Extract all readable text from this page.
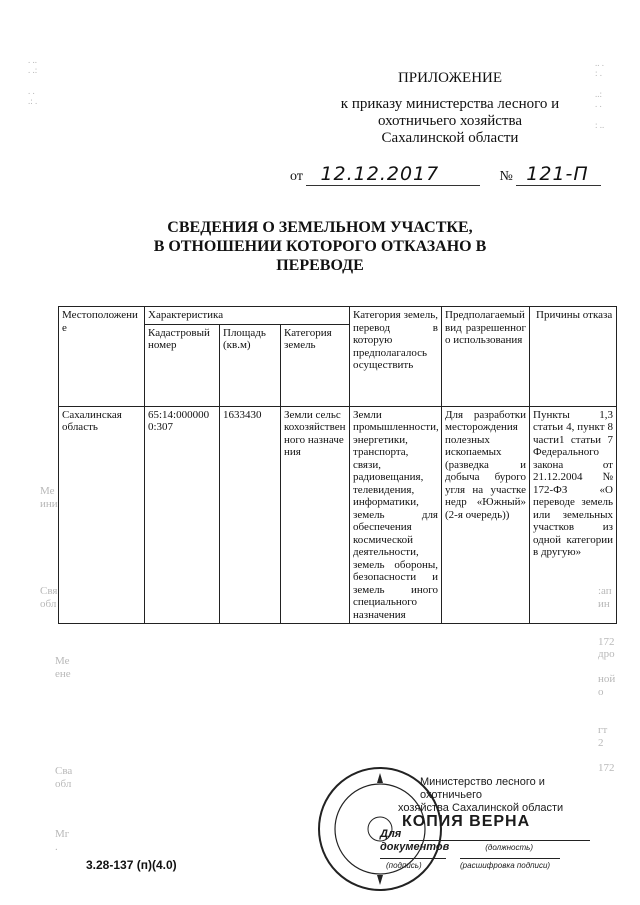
. ..
. .:

. .
.: .
.. .
: .

..:
. .

: ..
Ме
ини
Свя
обл
Ме
ене
Сва
обл
Мг
.
:ап
ин

172
дро

ной
о

гт
2

172
ПРИЛОЖЕНИЕ
к приказу министерства лесного и
охотничьего хозяйства
Сахалинской области
от 12.12.2017	№ 121-П
СВЕДЕНИЯ О ЗЕМЕЛЬНОМ УЧАСТКЕ,
В ОТНОШЕНИИ КОТОРОГО ОТКАЗАНО В
ПЕРЕВОДЕ
Местоположение	Характеристика			Категория земель, перевод в которую предполагалось осуществить	Предполагаемый вид разрешенного использования	Причины отказа
	Кадастровый номер	Площадь (кв.м)	Категория земель			
Сахалинская область	65:14:0000000:307	1633430	Земли сельскохозяйственного назначения	Земли промышленности, энергетики, транспорта, связи, радиовещания, телевидения, информатики, земель для обеспечения космической деятельности, земель обороны, безопасности и земель иного специального назначения	Для разработки месторождения полезных ископаемых (разведка и добыча бурого угля на участке недр «Южный» (2-я очередь))	Пункты 1,3 статьи 4, пункт 8 части1 статьи 7 Федерального закона от 21.12.2004 № 172-ФЗ «О переводе земель или земельных участков из одной категории в другую»
Министерство лесного и охотничьего
хозяйства Сахалинской области
КОПИЯ ВЕРНА
Для
документов	(должность)
(подпись)	(расшифровка подписи)
3.28-137 (п)(4.0)
